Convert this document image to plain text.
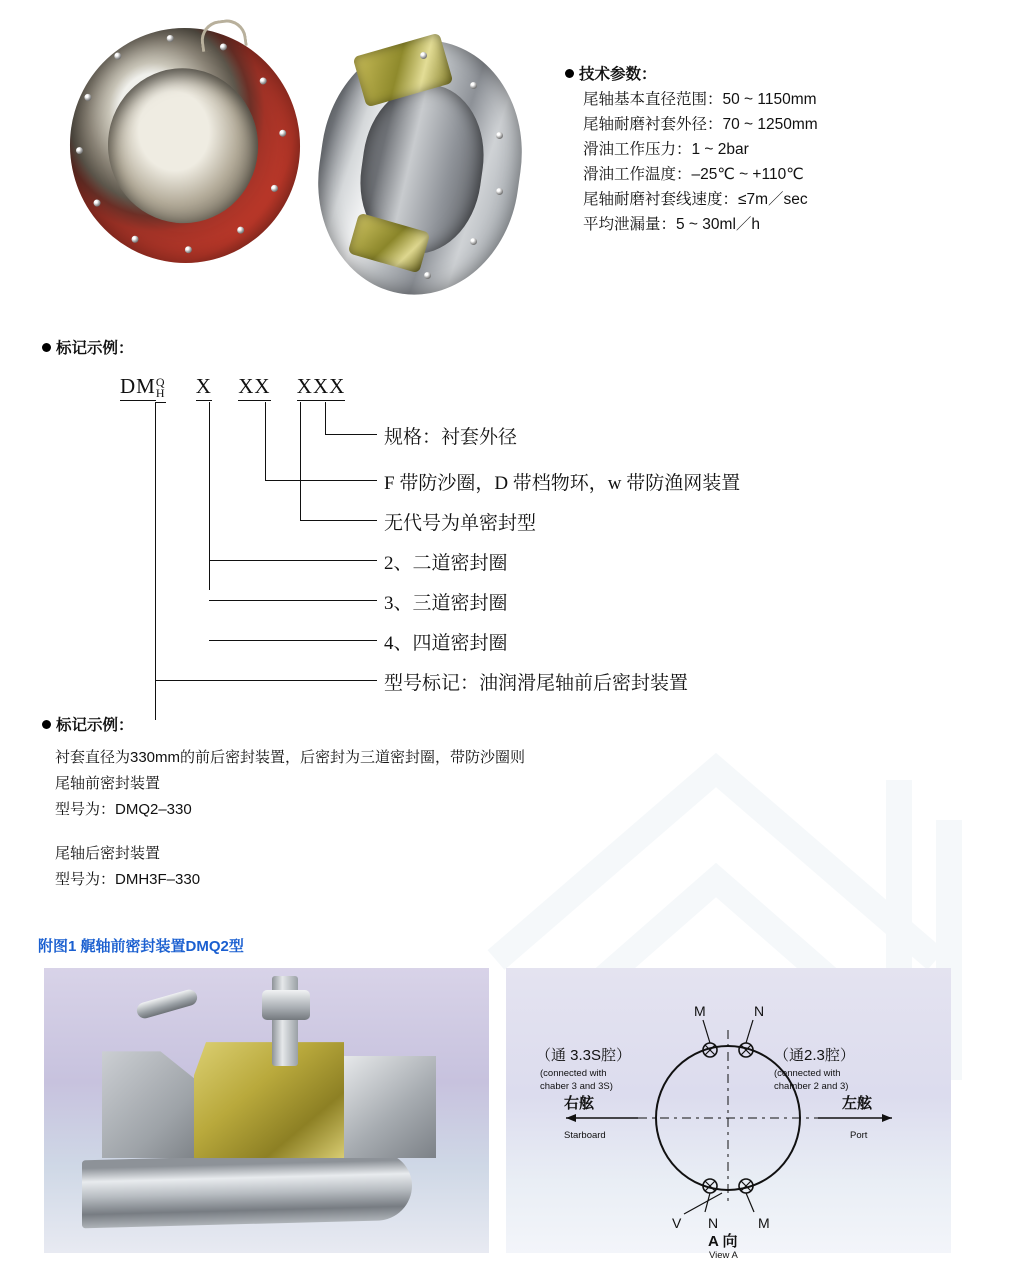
技术参数：
尾轴基本直径范围：50 ~ 1150mm
尾轴耐磨衬套外径：70 ~ 1250mm
滑油工作压力：1 ~ 2bar
滑油工作温度：–25℃ ~ +110℃
尾轴耐磨衬套线速度：≤7m／sec
平均泄漏量：5 ~ 30ml／h
标记示例：
DMQ
H X XX XXX
规格：衬套外径
F 带防沙圈，D 带档物环，w 带防渔网装置
无代号为单密封型
2、二道密封圈
3、三道密封圈
4、四道密封圈
型号标记：油润滑尾轴前后密封装置
标记示例：
衬套直径为330mm的前后密封装置，后密封为三道密封圈，带防沙圈则
尾轴前密封装置
型号为：DMQ2–330
尾轴后密封装置
型号为：DMH3F–330
附图1 艉轴前密封装置DMQ2型
M	N
V N	M
（通 3.3S腔）
(connected with
chaber 3 and 3S)
（通2.3腔）
(connected with
chamber 2 and 3)
右舷
Starboard
左舷
Port
A 向
View A
